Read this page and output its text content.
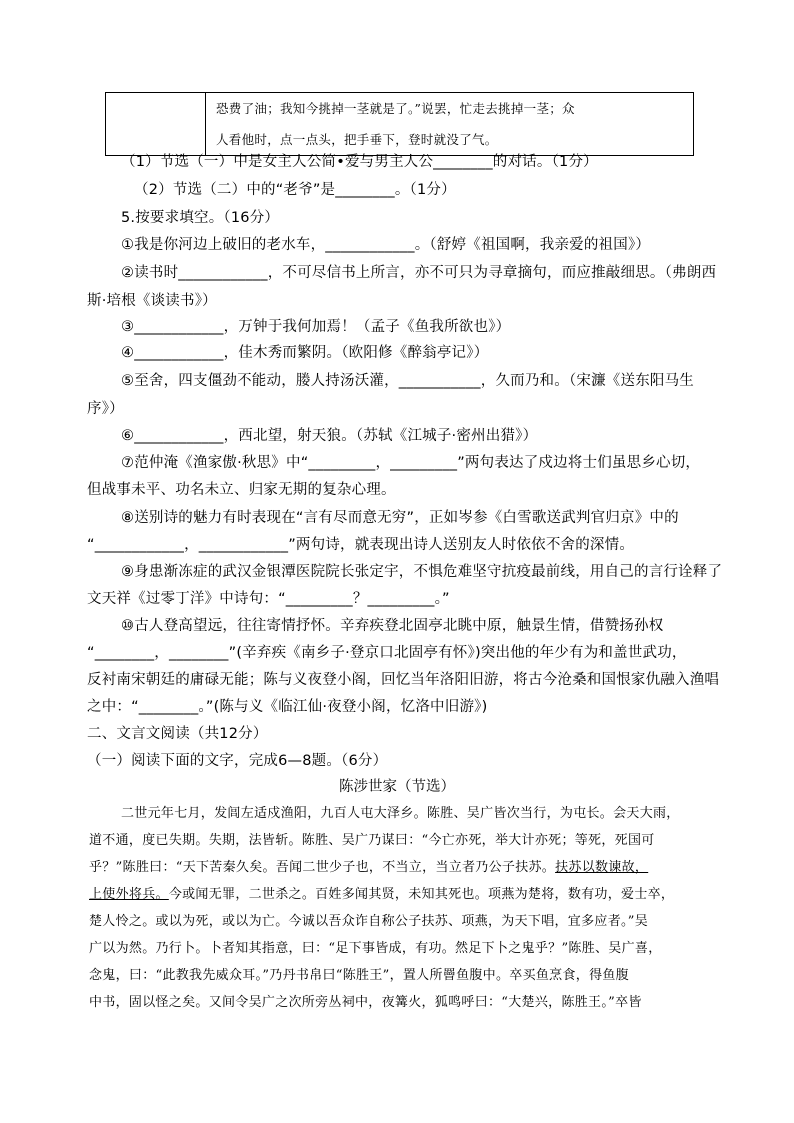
恐费了油；我知今挑掉一茎就是了。”说罢，忙走去挑掉一茎；众
人看他时，点一点头，把手垂下，登时就没了气。
（1）节选（一）中是女主人公简•爱与男主人公________的对话。（1分）
（2）节选（二）中的“老爷”是________。（1分）
5.按要求填空。（16分）
①我是你河边上破旧的老水车，____________。（舒婷《祖国啊，我亲爱的祖国》）
②读书时____________，不可尽信书上所言，亦不可只为寻章摘句，而应推敲细思。（弗朗西
斯·培根《谈读书》）
③____________，万钟于我何加焉！（孟子《鱼我所欲也》）
④____________，佳木秀而繁阴。（欧阳修《醉翁亭记》）
⑤至舍，四支僵劲不能动，媵人持汤沃灌，___________，久而乃和。（宋濂《送东阳马生
序》）
⑥____________，西北望，射天狼。（苏轼《江城子·密州出猎》）
⑦范仲淹《渔家傲·秋思》中“_________，_________”两句表达了戍边将士们虽思乡心切，
但战事未平、功名未立、归家无期的复杂心理。
⑧送别诗的魅力有时表现在“言有尽而意无穷”，正如岑参《白雪歌送武判官归京》中的
“____________，____________”两句诗，就表现出诗人送别友人时依依不舍的深情。
⑨身患渐冻症的武汉金银潭医院院长张定宇，不惧危难坚守抗疫最前线，用自己的言行诠释了
文天祥《过零丁洋》中诗句：“_________？_________。”
⑩古人登高望远，往往寄情抒怀。辛弃疾登北固亭北眺中原，触景生情，借赞扬孙权
“________，________”(辛弃疾《南乡子·登京口北固亭有怀》)突出他的年少有为和盖世武功，
反衬南宋朝廷的庸碌无能；陈与义夜登小阁，回忆当年洛阳旧游，将古今沧桑和国恨家仇融入渔唱
之中：“________。”(陈与义《临江仙·夜登小阁，忆洛中旧游》)
二、文言文阅读（共12分）
（一）阅读下面的文字，完成6—8题。（6分）
陈涉世家（节选）
二世元年七月，发闾左适戍渔阳，九百人屯大泽乡。陈胜、吴广皆次当行，为屯长。会天大雨，
道不通，度已失期。失期，法皆斩。陈胜、吴广乃谋曰：“今亡亦死，举大计亦死；等死，死国可
乎？”陈胜曰：“天下苦秦久矣。吾闻二世少子也，不当立，当立者乃公子扶苏。扶苏以数谏故，
上使外将兵。今或闻无罪，二世杀之。百姓多闻其贤，未知其死也。项燕为楚将，数有功，爱士卒，
楚人怜之。或以为死，或以为亡。今诚以吾众诈自称公子扶苏、项燕，为天下唱，宜多应者。”吴
广以为然。乃行卜。卜者知其指意，曰：“足下事皆成，有功。然足下卜之鬼乎？”陈胜、吴广喜，
念鬼，曰：“此教我先威众耳。”乃丹书帛曰“陈胜王”，置人所罾鱼腹中。卒买鱼烹食，得鱼腹
中书，固以怪之矣。又间令吴广之次所旁丛祠中，夜篝火，狐鸣呼曰：“大楚兴，陈胜王。”卒皆
